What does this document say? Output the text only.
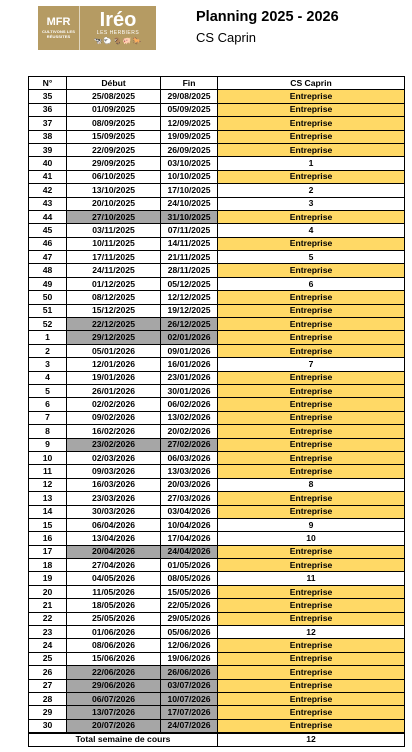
MFR
CULTIVONS LES RÉUSSITES
Iréo
LES HERBIERS
🐄🐑🐐🐖🐎
Planning 2025 - 2026
CS Caprin
N°	Début	Fin	CS Caprin
35	25/08/2025	29/08/2025	Entreprise
36	01/09/2025	05/09/2025	Entreprise
37	08/09/2025	12/09/2025	Entreprise
38	15/09/2025	19/09/2025	Entreprise
39	22/09/2025	26/09/2025	Entreprise
40	29/09/2025	03/10/2025	1
41	06/10/2025	10/10/2025	Entreprise
42	13/10/2025	17/10/2025	2
43	20/10/2025	24/10/2025	3
44	27/10/2025	31/10/2025	Entreprise
45	03/11/2025	07/11/2025	4
46	10/11/2025	14/11/2025	Entreprise
47	17/11/2025	21/11/2025	5
48	24/11/2025	28/11/2025	Entreprise
49	01/12/2025	05/12/2025	6
50	08/12/2025	12/12/2025	Entreprise
51	15/12/2025	19/12/2025	Entreprise
52	22/12/2025	26/12/2025	Entreprise
1	29/12/2025	02/01/2026	Entreprise
2	05/01/2026	09/01/2026	Entreprise
3	12/01/2026	16/01/2026	7
4	19/01/2026	23/01/2026	Entreprise
5	26/01/2026	30/01/2026	Entreprise
6	02/02/2026	06/02/2026	Entreprise
7	09/02/2026	13/02/2026	Entreprise
8	16/02/2026	20/02/2026	Entreprise
9	23/02/2026	27/02/2026	Entreprise
10	02/03/2026	06/03/2026	Entreprise
11	09/03/2026	13/03/2026	Entreprise
12	16/03/2026	20/03/2026	8
13	23/03/2026	27/03/2026	Entreprise
14	30/03/2026	03/04/2026	Entreprise
15	06/04/2026	10/04/2026	9
16	13/04/2026	17/04/2026	10
17	20/04/2026	24/04/2026	Entreprise
18	27/04/2026	01/05/2026	Entreprise
19	04/05/2026	08/05/2026	11
20	11/05/2026	15/05/2026	Entreprise
21	18/05/2026	22/05/2026	Entreprise
22	25/05/2026	29/05/2026	Entreprise
23	01/06/2026	05/06/2026	12
24	08/06/2026	12/06/2026	Entreprise
25	15/06/2026	19/06/2026	Entreprise
26	22/06/2026	26/06/2026	Entreprise
27	29/06/2026	03/07/2026	Entreprise
28	06/07/2026	10/07/2026	Entreprise
29	13/07/2026	17/07/2026	Entreprise
30	20/07/2026	24/07/2026	Entreprise
Total semaine de cours			12
